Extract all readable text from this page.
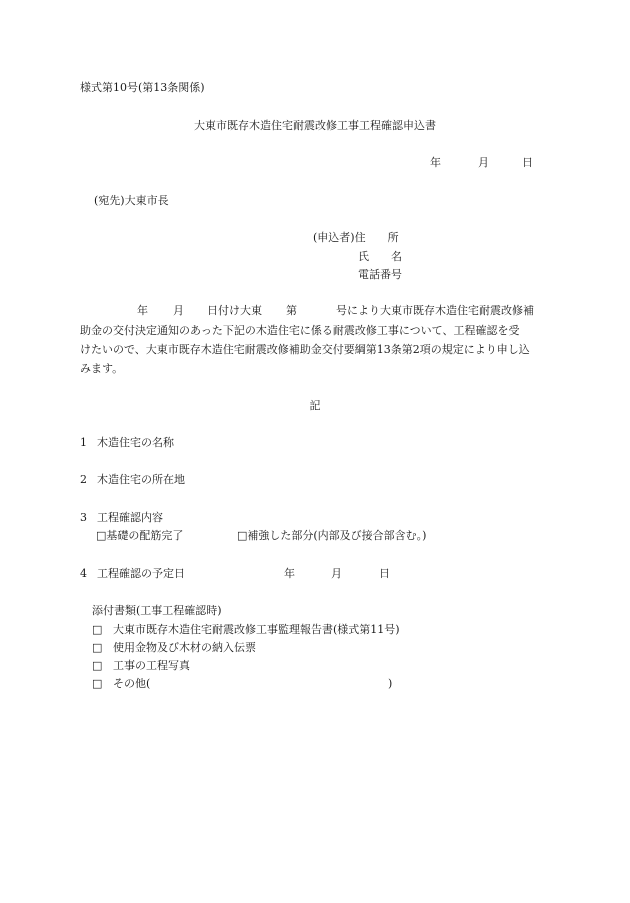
様式第10号(第13条関係)
大東市既存木造住宅耐震改修工事工程確認申込書
年	月	日
(宛先)大東市長
(申込者)住　　所
氏　　名
電話番号
年 月 日付け大東 第	号により大東市既存木造住宅耐震改修補
助金の交付決定通知のあった下記の木造住宅に係る耐震改修工事について、工程確認を受
けたいので、大東市既存木造住宅耐震改修補助金交付要綱第13条第2項の規定により申し込
みます。
記
1 木造住宅の名称
2 木造住宅の所在地
3 工程確認内容
□基礎の配筋完了	□補強した部分(内部及び接合部含む。)
4 工程確認の予定日	年	月	日
添付書類(工事工程確認時)
□ 大東市既存木造住宅耐震改修工事監理報告書(様式第11号)
□ 使用金物及び木材の納入伝票
□ 工事の工程写真
□ その他(	)
